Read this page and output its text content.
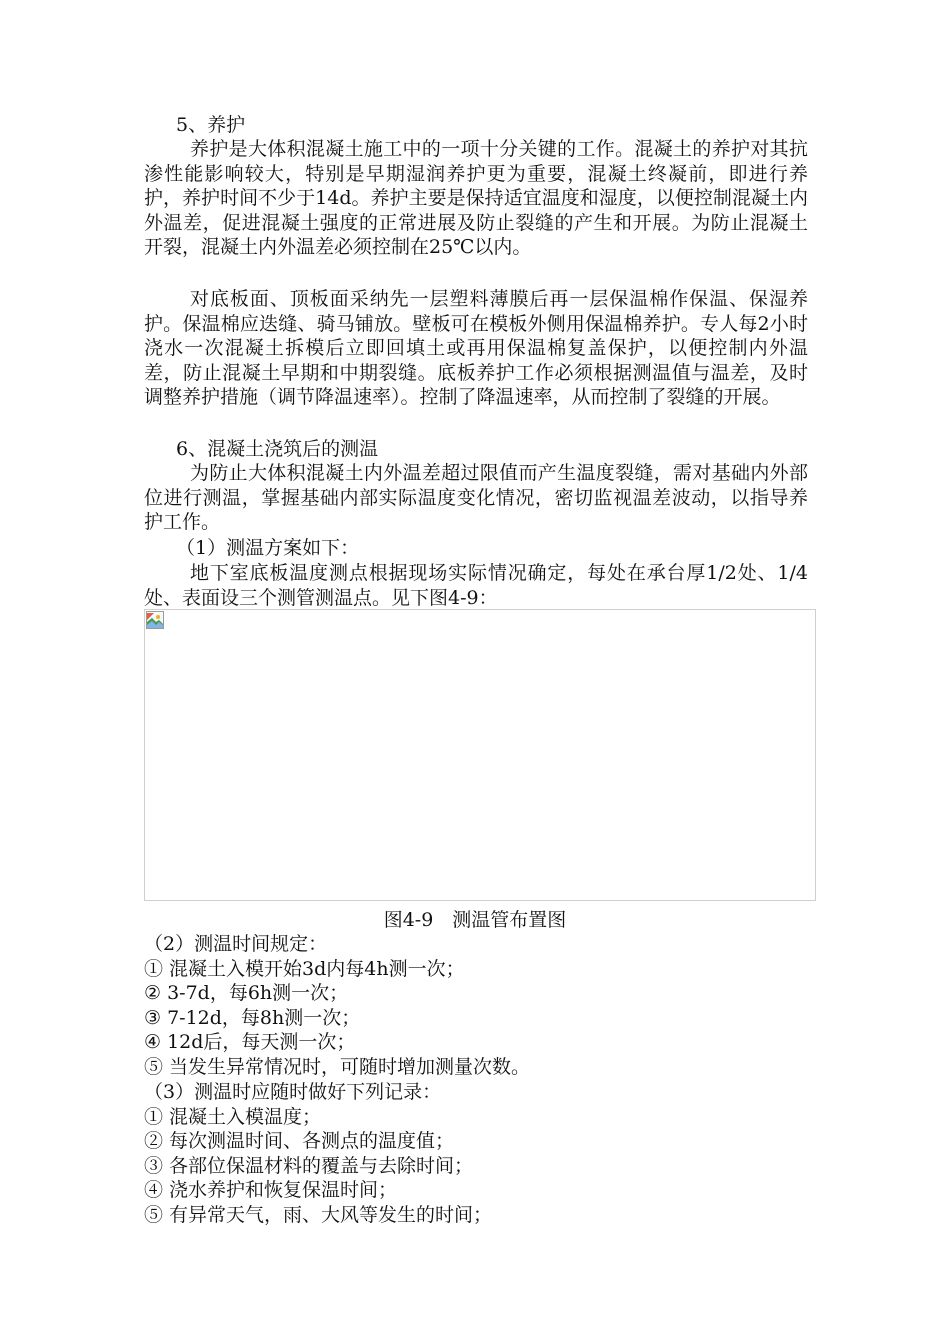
5、养护

养护是大体积混凝土施工中的一项十分关键的工作。混凝土的养护对其抗渗性能影响较大，特别是早期湿润养护更为重要，混凝土终凝前，即进行养护，养护时间不少于14d。养护主要是保持适宜温度和湿度，以便控制混凝土内外温差，促进混凝土强度的正常进展及防止裂缝的产生和开展。为防止混凝土开裂，混凝土内外温差必须控制在25℃以内。

对底板面、顶板面采纳先一层塑料薄膜后再一层保温棉作保温、保湿养护。保温棉应迭缝、骑马铺放。壁板可在模板外侧用保温棉养护。专人每2小时浇水一次混凝土拆模后立即回填土或再用保温棉复盖保护，以便控制内外温差，防止混凝土早期和中期裂缝。底板养护工作必须根据测温值与温差，及时调整养护措施（调节降温速率）。控制了降温速率，从而控制了裂缝的开展。

6、混凝土浇筑后的测温

为防止大体积混凝土内外温差超过限值而产生温度裂缝，需对基础内外部位进行测温，掌握基础内部实际温度变化情况，密切监视温差波动，以指导养护工作。

（1）测温方案如下：

地下室底板温度测点根据现场实际情况确定，每处在承台厚1/2处、1/4处、表面设三个测管测温点。见下图4-9：

图4-9　测温管布置图

（2）测温时间规定：

① 混凝土入模开始3d内每4h测一次；

② 3-7d，每6h测一次；

③ 7-12d，每8h测一次；

④ 12d后，每天测一次；

⑤ 当发生异常情况时，可随时增加测量次数。

（3）测温时应随时做好下列记录：

① 混凝土入模温度；

② 每次测温时间、各测点的温度值；

③ 各部位保温材料的覆盖与去除时间；

④ 浇水养护和恢复保温时间；

⑤ 有异常天气，雨、大风等发生的时间；
